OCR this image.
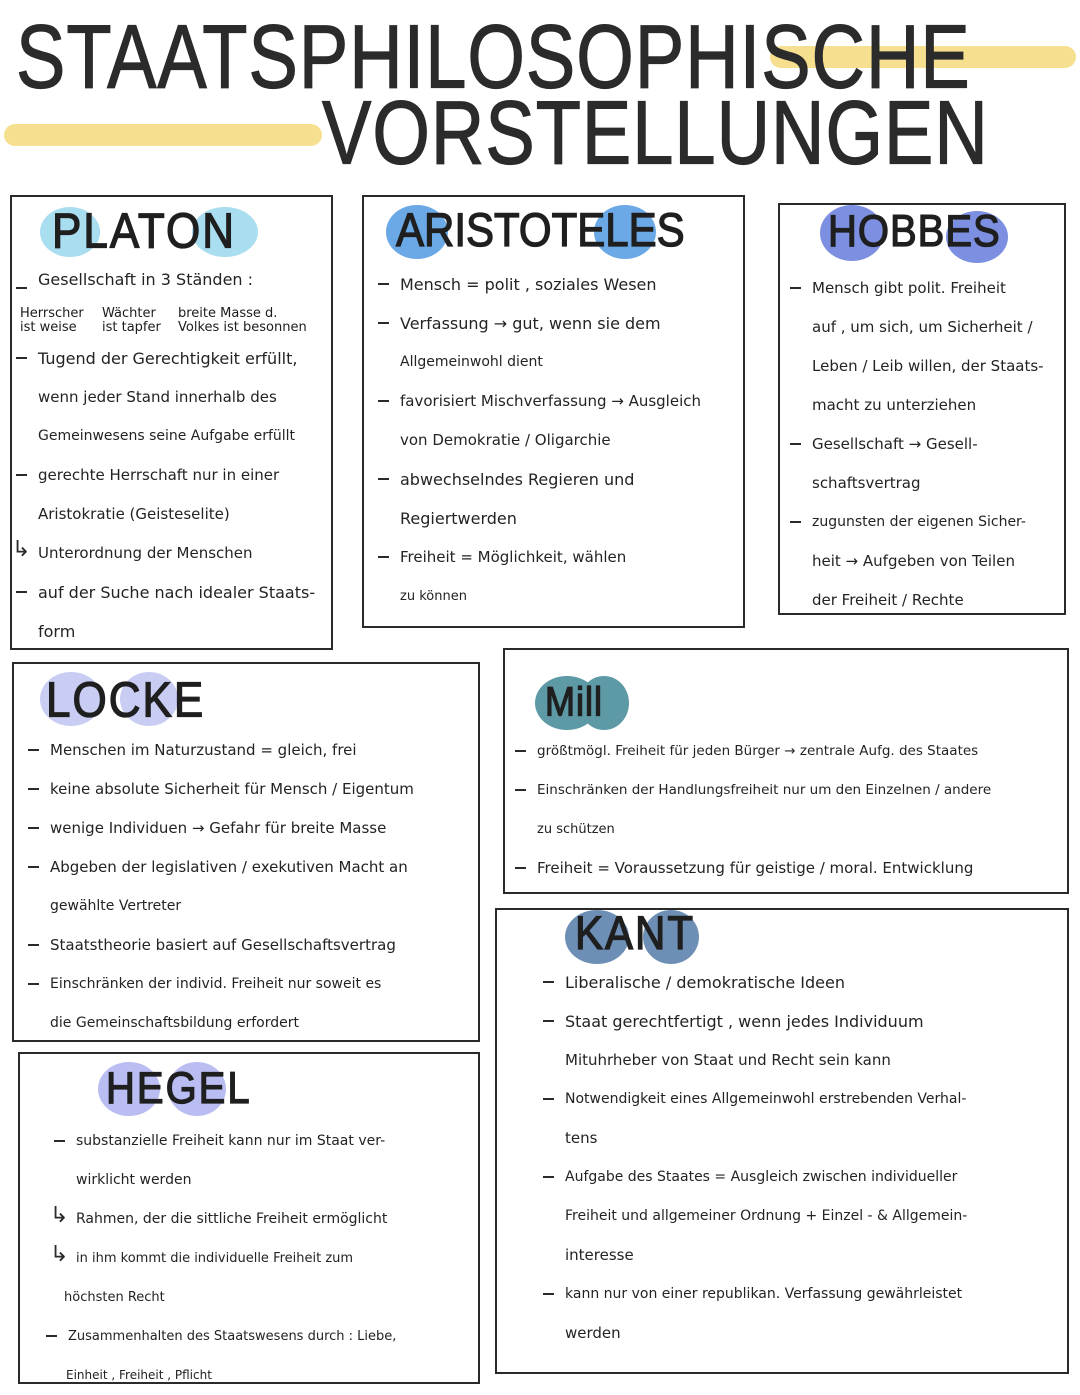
STAATSPHILOSOPHISCHE
VORSTELLUNGEN
PLATON
Gesellschaft in 3 Ständen :
Herrscher ist weise
Wächter ist tapfer
breite Masse d. Volkes ist besonnen
Tugend der Gerechtigkeit erfüllt,
wenn jeder Stand innerhalb des
Gemeinwesens seine Aufgabe erfüllt
gerechte Herrschaft nur in einer
Aristokratie (Geisteselite)
↳ Unterordnung der Menschen
auf der Suche nach idealer Staats-
form
ARISTOTELES
Mensch = polit , soziales Wesen
Verfassung → gut, wenn sie dem
Allgemeinwohl dient
favorisiert Mischverfassung → Ausgleich
von Demokratie / Oligarchie
abwechselndes Regieren und
Regiertwerden
Freiheit = Möglichkeit, wählen
zu können
HOBBES
Mensch gibt polit. Freiheit
auf , um sich, um Sicherheit /
Leben / Leib willen, der Staats-
macht zu unterziehen
Gesellschaft → Gesell-
schaftsvertrag
zugunsten der eigenen Sicher-
heit → Aufgeben von Teilen
der Freiheit / Rechte
LOCKE
Menschen im Naturzustand = gleich, frei
keine absolute Sicherheit für Mensch / Eigentum
wenige Individuen → Gefahr für breite Masse
Abgeben der legislativen / exekutiven Macht an
gewählte Vertreter
Staatstheorie basiert auf Gesellschaftsvertrag
Einschränken der individ. Freiheit nur soweit es
die Gemeinschaftsbildung erfordert
Mill
größtmögl. Freiheit für jeden Bürger → zentrale Aufg. des Staates
Einschränken der Handlungsfreiheit nur um den Einzelnen / andere
zu schützen
Freiheit = Voraussetzung für geistige / moral. Entwicklung
KANT
Liberalische / demokratische Ideen
Staat gerechtfertigt , wenn jedes Individuum
Mituhrheber von Staat und Recht sein kann
Notwendigkeit eines Allgemeinwohl erstrebenden Verhal-
tens
Aufgabe des Staates = Ausgleich zwischen individueller
Freiheit und allgemeiner Ordnung + Einzel - & Allgemein-
interesse
kann nur von einer republikan. Verfassung gewährleistet
werden
HEGEL
substanzielle Freiheit kann nur im Staat ver-
wirklicht werden
↳ Rahmen, der die sittliche Freiheit ermöglicht
↳ in ihm kommt die individuelle Freiheit zum
höchsten Recht
Zusammenhalten des Staatswesens durch : Liebe,
Einheit , Freiheit , Pflicht
